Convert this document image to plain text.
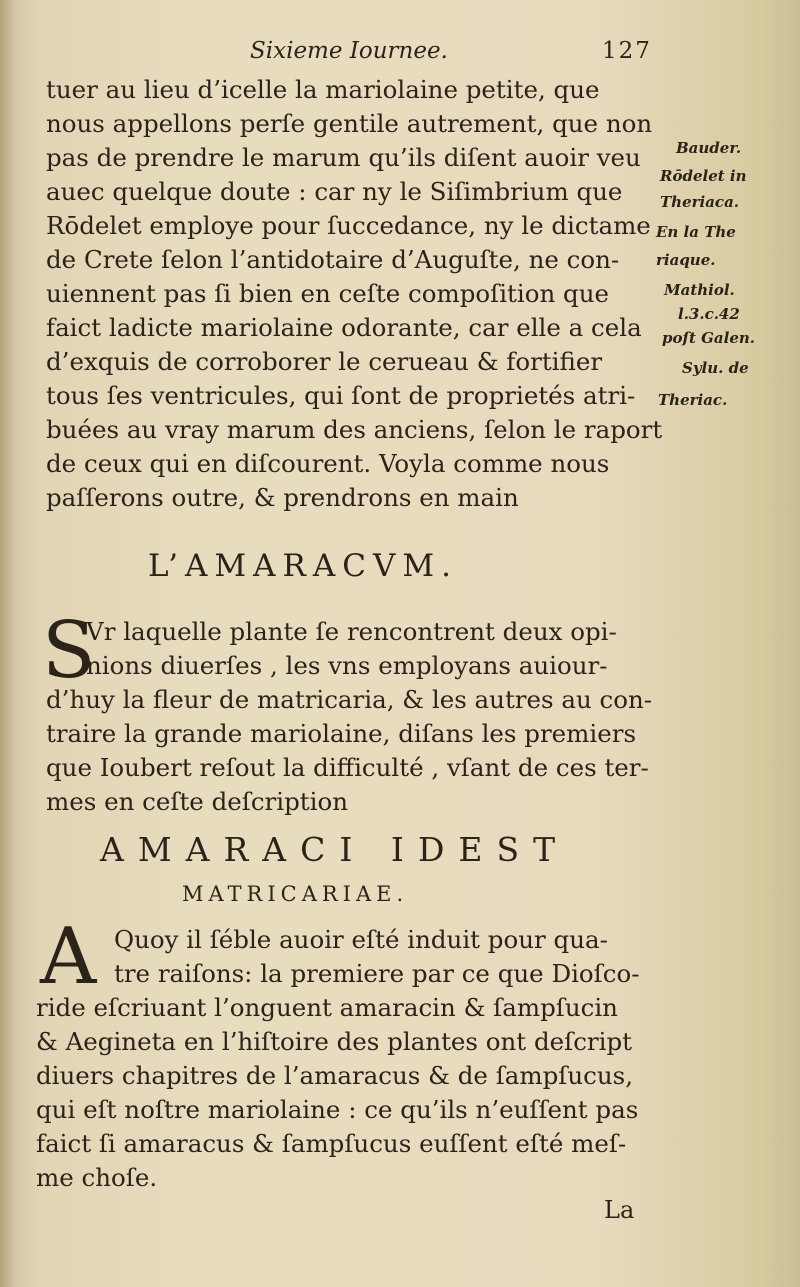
Sixieme Iournee.	127
tuer au lieu d’icelle la mariolaine petite, que
nous appellons perſe gentile autrement, que non
pas de prendre le marum qu’ils diſent auoir veu
auec quelque doute : car ny le Siſimbrium que
Rōdelet employe pour ſuccedance, ny le dictame
de Crete ſelon l’antidotaire d’Auguſte, ne con-
uiennent pas ſi bien en ceſte compoſition que
faict ladicte mariolaine odorante, car elle a cela
d’exquis de corroborer le cerueau & fortifier
tous ſes ventricules, qui ſont de proprietés atri-
buées au vray marum des anciens, ſelon le raport
de ceux qui en diſcourent. Voyla comme nous
paſſerons outre, & prendrons en main
Bauder.
Rōdelet in
Theriaca.
En la The
riaque.
Mathiol.
l.3.c.42
poſt Galen.
Sylu. de
Theriac.
L’AMARACVM.
S
Vr laquelle plante ſe rencontrent deux opi-
nions diuerſes , les vns employans auiour-
d’huy la fleur de matricaria, & les autres au con-
traire la grande mariolaine, diſans les premiers
que Ioubert reſout la difficulté , vſant de ces ter-
mes en ceſte deſcription
AMARACI IDEST
MATRICARIAE.
A Quoy il ſéble auoir eſté induit pour qua-
tre raiſons: la premiere par ce que Dioſco-
ride eſcriuant l’onguent amaracin & ſampſucin
& Aegineta en l’hiſtoire des plantes ont deſcript
diuers chapitres de l’amaracus & de ſampſucus,
qui eſt noſtre mariolaine : ce qu’ils n’euſſent pas
faict ſi amaracus & ſampſucus euſſent eſté meſ-
me choſe.
La
